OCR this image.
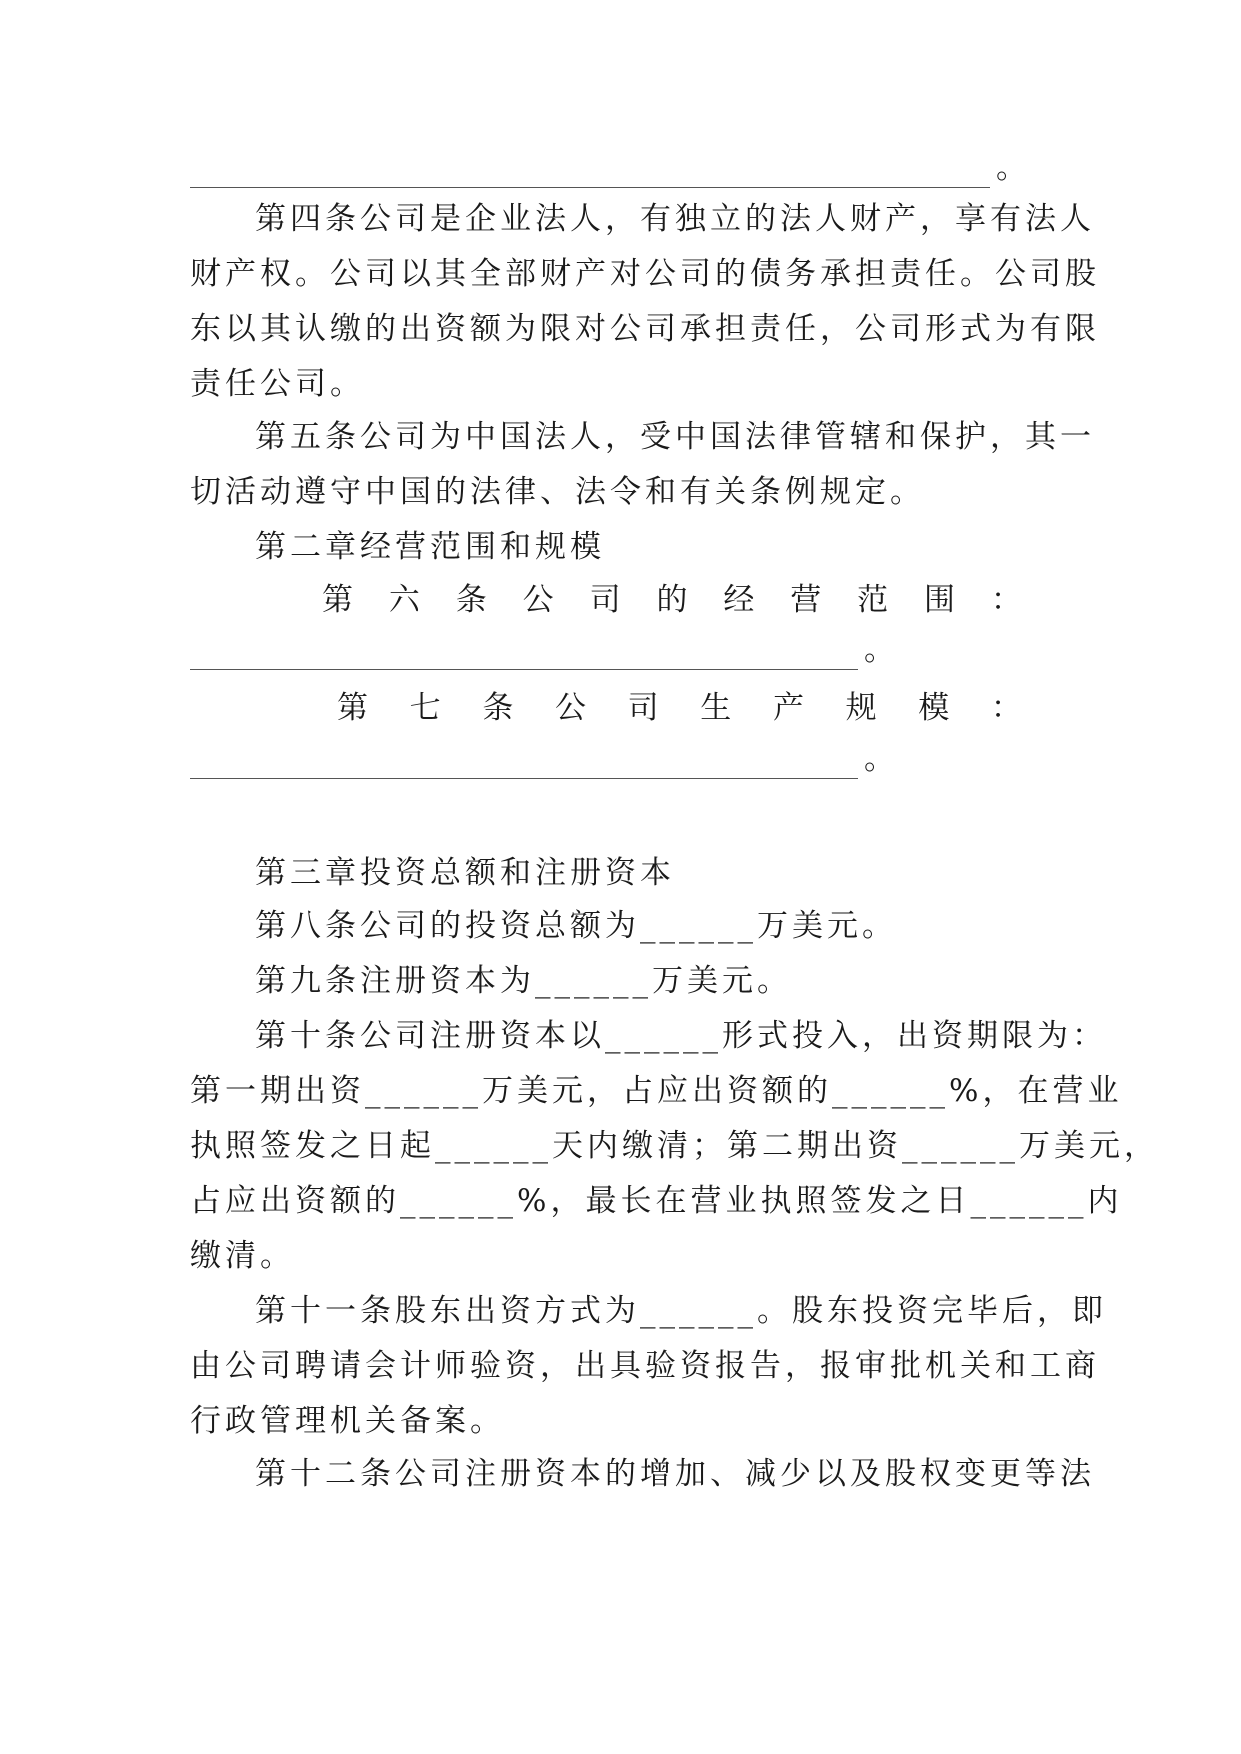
。
第四条公司是企业法人，有独立的法人财产，享有法人
财产权。公司以其全部财产对公司的债务承担责任。公司股
东以其认缴的出资额为限对公司承担责任，公司形式为有限
责任公司。
第五条公司为中国法人，受中国法律管辖和保护，其一
切活动遵守中国的法律、法令和有关条例规定。
第二章经营范围和规模
第 六 条 公 司 的 经 营 范 围 ：
。
第 七 条 公 司 生 产 规 模 ：
。
第三章投资总额和注册资本
第八条公司的投资总额为______万美元。
第九条注册资本为______万美元。
第十条公司注册资本以______形式投入，出资期限为：
第一期出资______万美元，占应出资额的______%，在营业
执照签发之日起______天内缴清；第二期出资______万美元，
占应出资额的______%，最长在营业执照签发之日______内
缴清。
第十一条股东出资方式为______。股东投资完毕后，即
由公司聘请会计师验资，出具验资报告，报审批机关和工商
行政管理机关备案。
第十二条公司注册资本的增加、减少以及股权变更等法
